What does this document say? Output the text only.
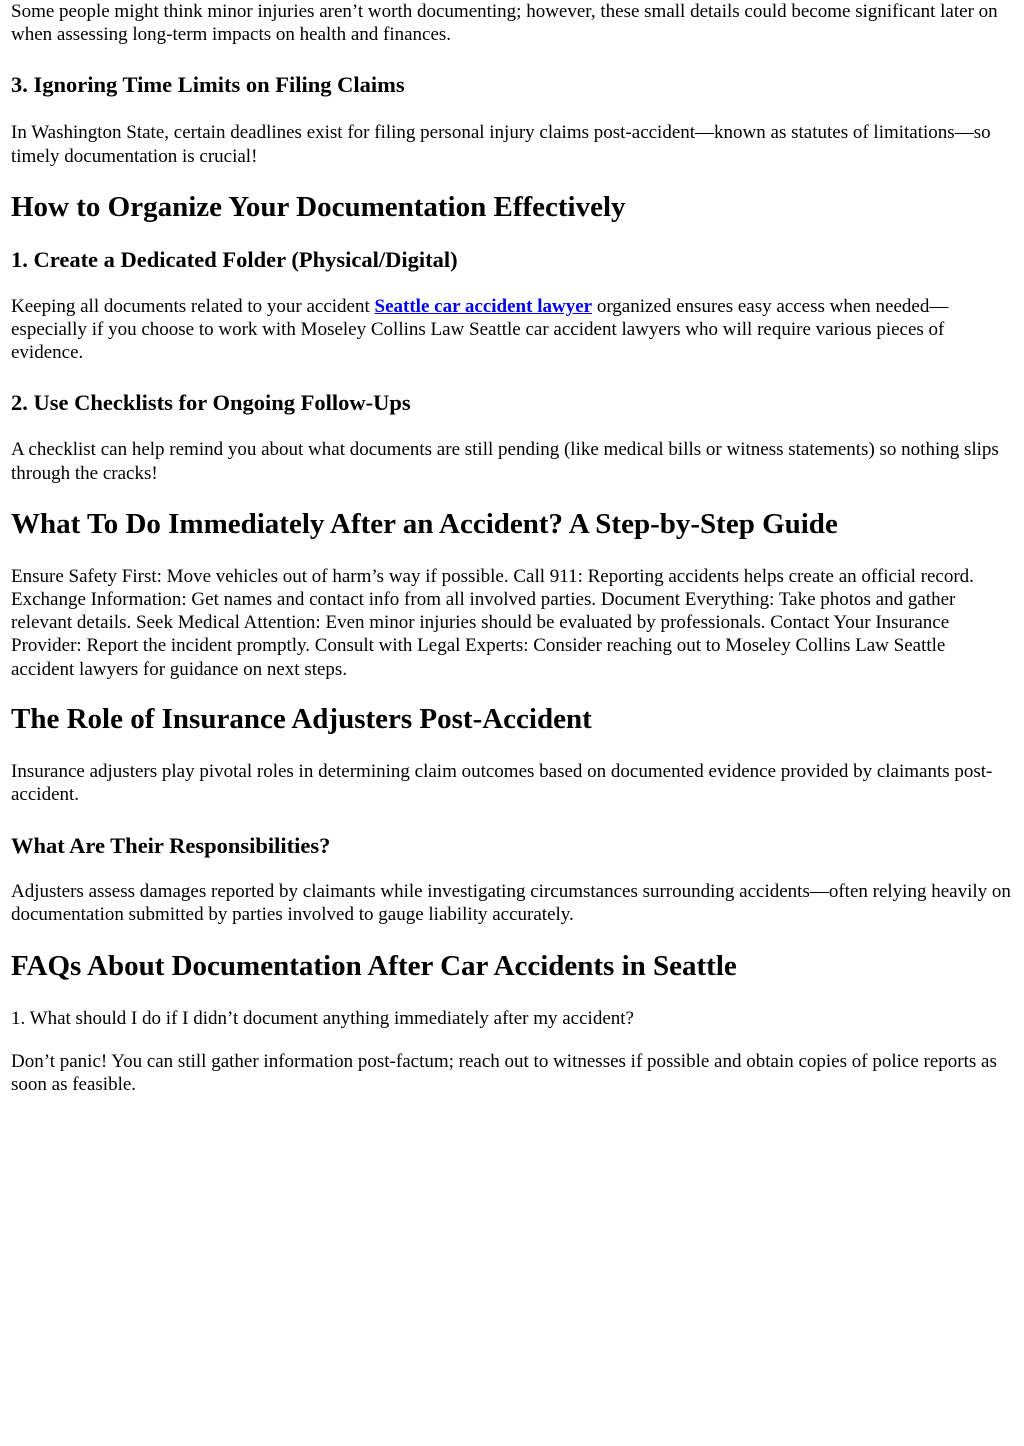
Some people might think minor injuries aren’t worth documenting; however, these small details could become significant later on when assessing long-term impacts on health and finances.

3. Ignoring Time Limits on Filing Claims

In Washington State, certain deadlines exist for filing personal injury claims post-accident—known as statutes of limitations—so timely documentation is crucial!

How to Organize Your Documentation Effectively
1. Create a Dedicated Folder (Physical/Digital)

Keeping all documents related to your accident Seattle car accident lawyer organized ensures easy access when needed—especially if you choose to work with Moseley Collins Law Seattle car accident lawyers who will require various pieces of evidence.

2. Use Checklists for Ongoing Follow-Ups

A checklist can help remind you about what documents are still pending (like medical bills or witness statements) so nothing slips through the cracks!

What To Do Immediately After an Accident? A Step-by-Step Guide

Ensure Safety First: Move vehicles out of harm’s way if possible. Call 911: Reporting accidents helps create an official record. Exchange Information: Get names and contact info from all involved parties. Document Everything: Take photos and gather relevant details. Seek Medical Attention: Even minor injuries should be evaluated by professionals. Contact Your Insurance Provider: Report the incident promptly. Consult with Legal Experts: Consider reaching out to Moseley Collins Law Seattle accident lawyers for guidance on next steps.

The Role of Insurance Adjusters Post-Accident

Insurance adjusters play pivotal roles in determining claim outcomes based on documented evidence provided by claimants post-accident.

What Are Their Responsibilities?

Adjusters assess damages reported by claimants while investigating circumstances surrounding accidents—often relying heavily on documentation submitted by parties involved to gauge liability accurately.

FAQs About Documentation After Car Accidents in Seattle

1. What should I do if I didn’t document anything immediately after my accident?

Don’t panic! You can still gather information post-factum; reach out to witnesses if possible and obtain copies of police reports as soon as feasible.
